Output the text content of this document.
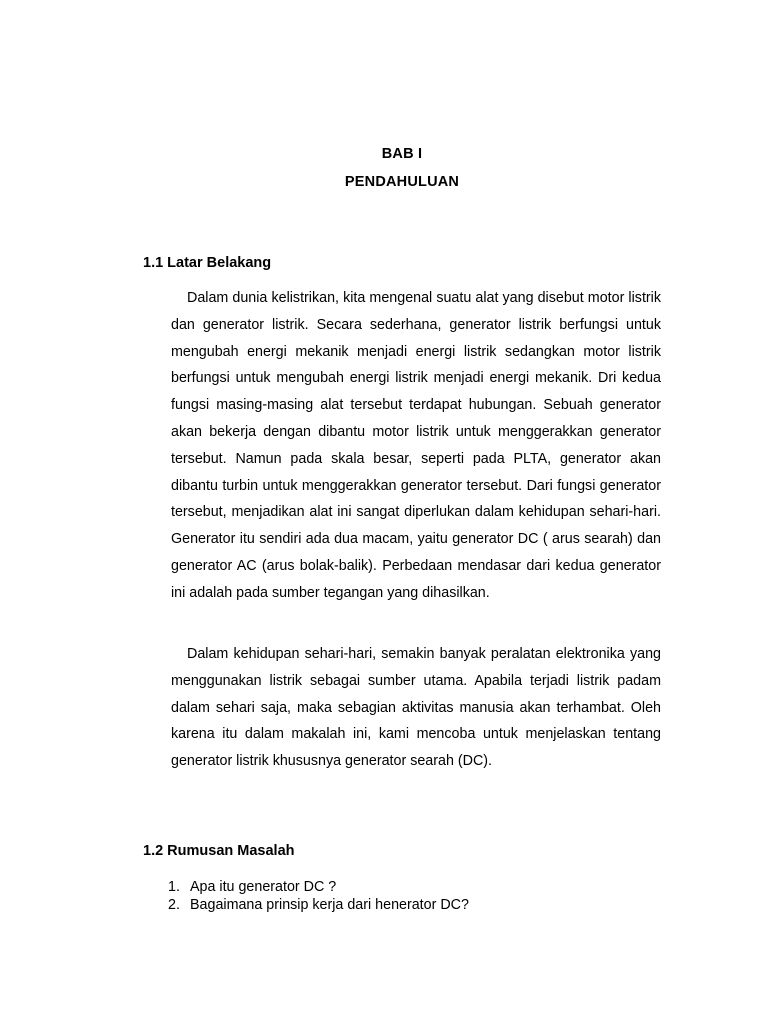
BAB I
PENDAHULUAN
1.1 Latar Belakang

Dalam dunia kelistrikan, kita mengenal suatu alat yang disebut motor listrik dan generator listrik. Secara sederhana, generator listrik berfungsi untuk mengubah energi mekanik menjadi energi listrik sedangkan motor listrik berfungsi untuk mengubah energi listrik menjadi energi mekanik. Dri kedua fungsi masing-masing alat tersebut terdapat hubungan. Sebuah generator akan bekerja dengan dibantu motor listrik untuk menggerakkan generator tersebut. Namun pada skala besar, seperti pada PLTA, generator akan dibantu turbin untuk menggerakkan generator tersebut. Dari fungsi generator tersebut, menjadikan alat ini sangat diperlukan dalam kehidupan sehari-hari. Generator itu sendiri ada dua macam, yaitu generator DC ( arus searah) dan generator AC (arus bolak-balik). Perbedaan mendasar dari kedua generator ini adalah pada sumber tegangan yang dihasilkan.

Dalam kehidupan sehari-hari, semakin banyak peralatan elektronika yang menggunakan listrik sebagai sumber utama. Apabila terjadi listrik padam dalam sehari saja, maka sebagian aktivitas manusia akan terhambat. Oleh karena itu dalam makalah ini, kami mencoba untuk menjelaskan tentang generator listrik khususnya generator searah (DC).

1.2 Rumusan Masalah
1. Apa itu generator DC ?
2. Bagaimana prinsip kerja dari henerator DC?
